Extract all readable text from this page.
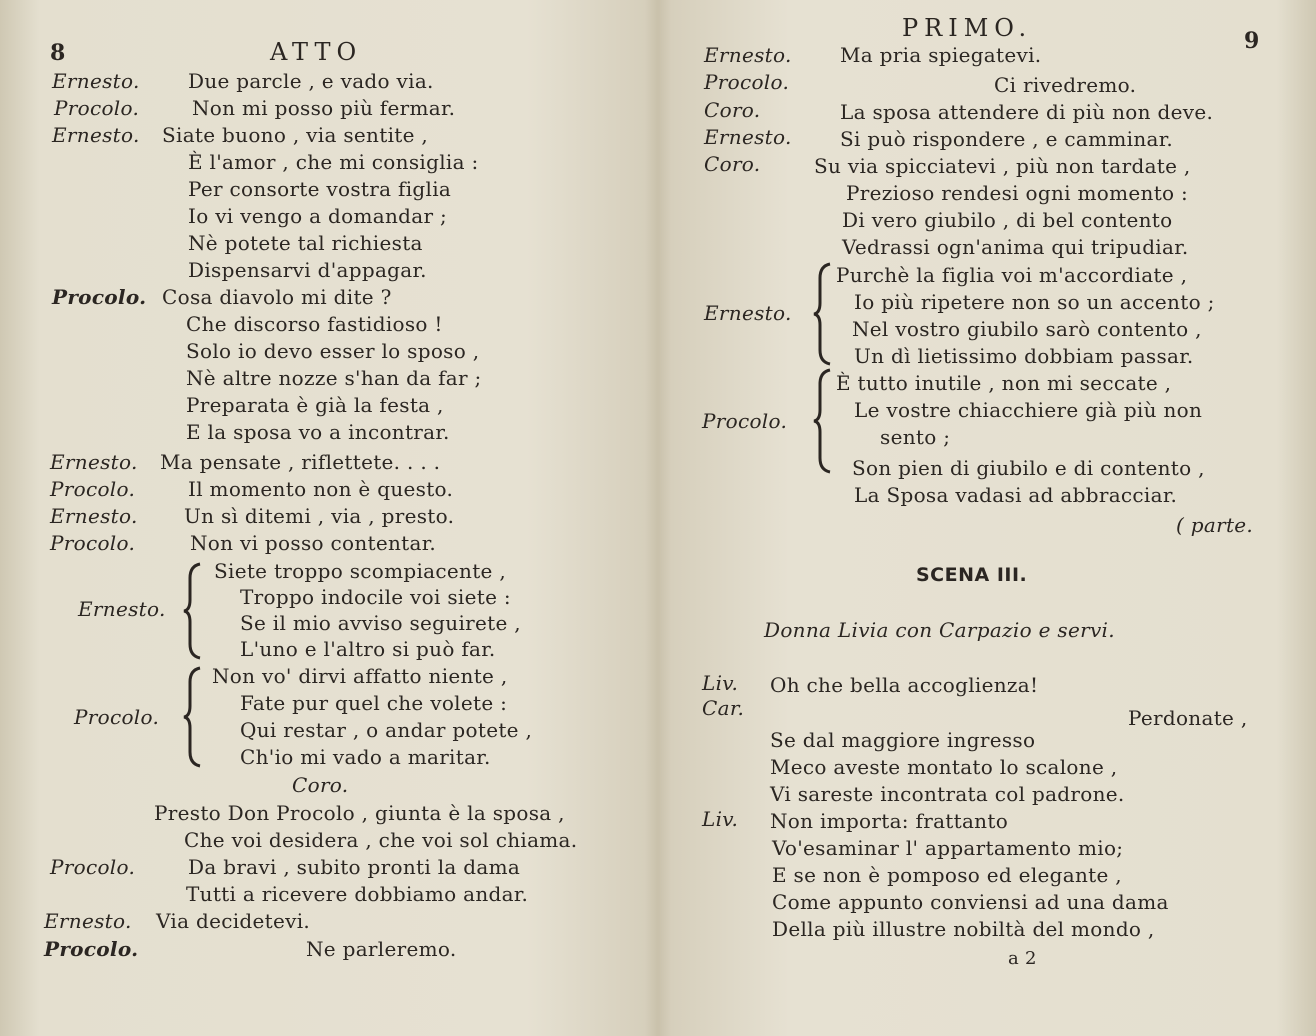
8	ATTO
Ernesto. Due parcle , e vado via.
Procolo.	Non mi posso più fermar.
Ernesto. Siate buono , via sentite ,
È l'amor , che mi consiglia :
Per consorte vostra figlia
Io vi vengo a domandar ;
Nè potete tal richiesta
Dispensarvi d'appagar.
Procolo. Cosa diavolo mi dite ?
Che discorso fastidioso !
Solo io devo esser lo sposo ,
Nè altre nozze s'han da far ;
Preparata è già la festa ,
E la sposa vo a incontrar.
Ernesto. Ma pensate , riflettete. . . .
Procolo.	Il momento non è questo.
Ernesto. Un sì ditemi , via , presto.
Procolo.	Non vi posso contentar.
Ernesto.
Siete troppo scompiacente ,
Troppo indocile voi siete :
Se il mio avviso seguirete ,
L'uno e l'altro si può far.
Procolo.
Non vo' dirvi affatto niente ,
Fate pur quel che volete :
Qui restar , o andar potete ,
Ch'io mi vado a maritar.
Coro.
Presto Don Procolo , giunta è la sposa ,
Che voi desidera , che voi sol chiama.
Procolo.	Da bravi , subito pronti la dama
Tutti a ricevere dobbiamo andar.
Ernesto. Via decidetevi.
Procolo.	Ne parleremo.
PRIMO.	9
Ernesto. Ma pria spiegatevi.
Procolo.	Ci rivedremo.
Coro.	La sposa attendere di più non deve.
Ernesto. Si può rispondere , e camminar.
Coro.	Su via spicciatevi , più non tardate ,
Prezioso rendesi ogni momento :
Di vero giubilo , di bel contento
Vedrassi ogn'anima qui tripudiar.
Ernesto.
Purchè la figlia voi m'accordiate ,
Io più ripetere non so un accento ;
Nel vostro giubilo sarò contento ,
Un dì lietissimo dobbiam passar.
Procolo.
È tutto inutile , non mi seccate ,
Le vostre chiacchiere già più non
sento ;
Son pien di giubilo e di contento ,
La Sposa vadasi ad abbracciar.
( parte.
SCENA III.
Donna Livia con Carpazio e servi.
Liv. Oh che bella accoglienza!
Car.	Perdonate ,
Se dal maggiore ingresso
Meco aveste montato lo scalone ,
Vi sareste incontrata col padrone.
Liv. Non importa: frattanto
Vo'esaminar l' appartamento mio;
E se non è pomposo ed elegante ,
Come appunto conviensi ad una dama
Della più illustre nobiltà del mondo ,
a 2
